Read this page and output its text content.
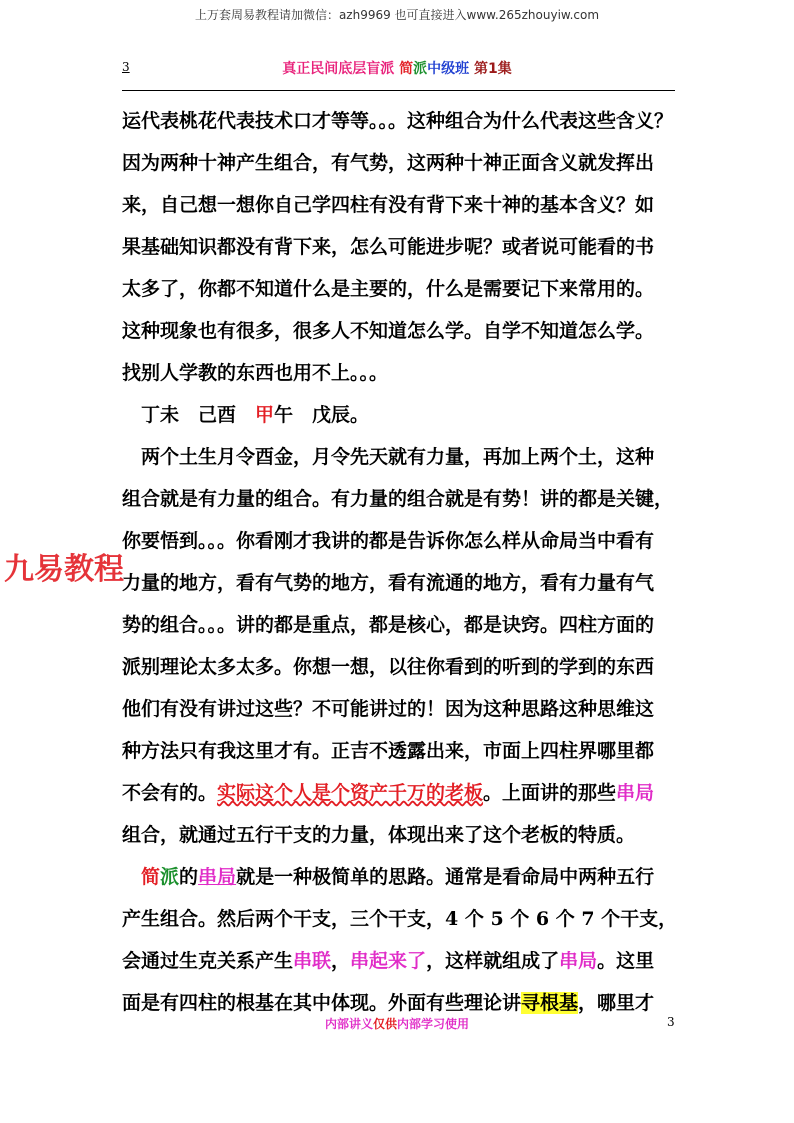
上万套周易教程请加微信：azh9969 也可直接进入www.265zhouyiw.com
3	真正民间底层盲派 简派中级班 第1集
运代表桃花代表技术口才等等。。。这种组合为什么代表这些含义？
因为两种十神产生组合，有气势，这两种十神正面含义就发挥出
来，自己想一想你自己学四柱有没有背下来十神的基本含义？如
果基础知识都没有背下来，怎么可能进步呢？或者说可能看的书
太多了，你都不知道什么是主要的，什么是需要记下来常用的。
这种现象也有很多，很多人不知道怎么学。自学不知道怎么学。
找别人学教的东西也用不上。。。
丁未　己酉　甲午　戊辰。
两个土生月令酉金，月令先天就有力量，再加上两个土，这种
组合就是有力量的组合。有力量的组合就是有势！讲的都是关键，
你要悟到。。。你看刚才我讲的都是告诉你怎么样从命局当中看有
力量的地方，看有气势的地方，看有流通的地方，看有力量有气
势的组合。。。讲的都是重点，都是核心，都是诀窍。四柱方面的
派别理论太多太多。你想一想，以往你看到的听到的学到的东西
他们有没有讲过这些？不可能讲过的！因为这种思路这种思维这
种方法只有我这里才有。正吉不透露出来，市面上四柱界哪里都
不会有的。实际这个人是个资产千万的老板。上面讲的那些串局
组合，就通过五行干支的力量，体现出来了这个老板的特质。
简派的串局就是一种极简单的思路。通常是看命局中两种五行
产生组合。然后两个干支，三个干支，4 个 5 个 6 个 7 个干支，
会通过生克关系产生串联，串起来了，这样就组成了串局。这里
面是有四柱的根基在其中体现。外面有些理论讲寻根基，哪里才
九易教程
内部讲义仅供内部学习使用	3
